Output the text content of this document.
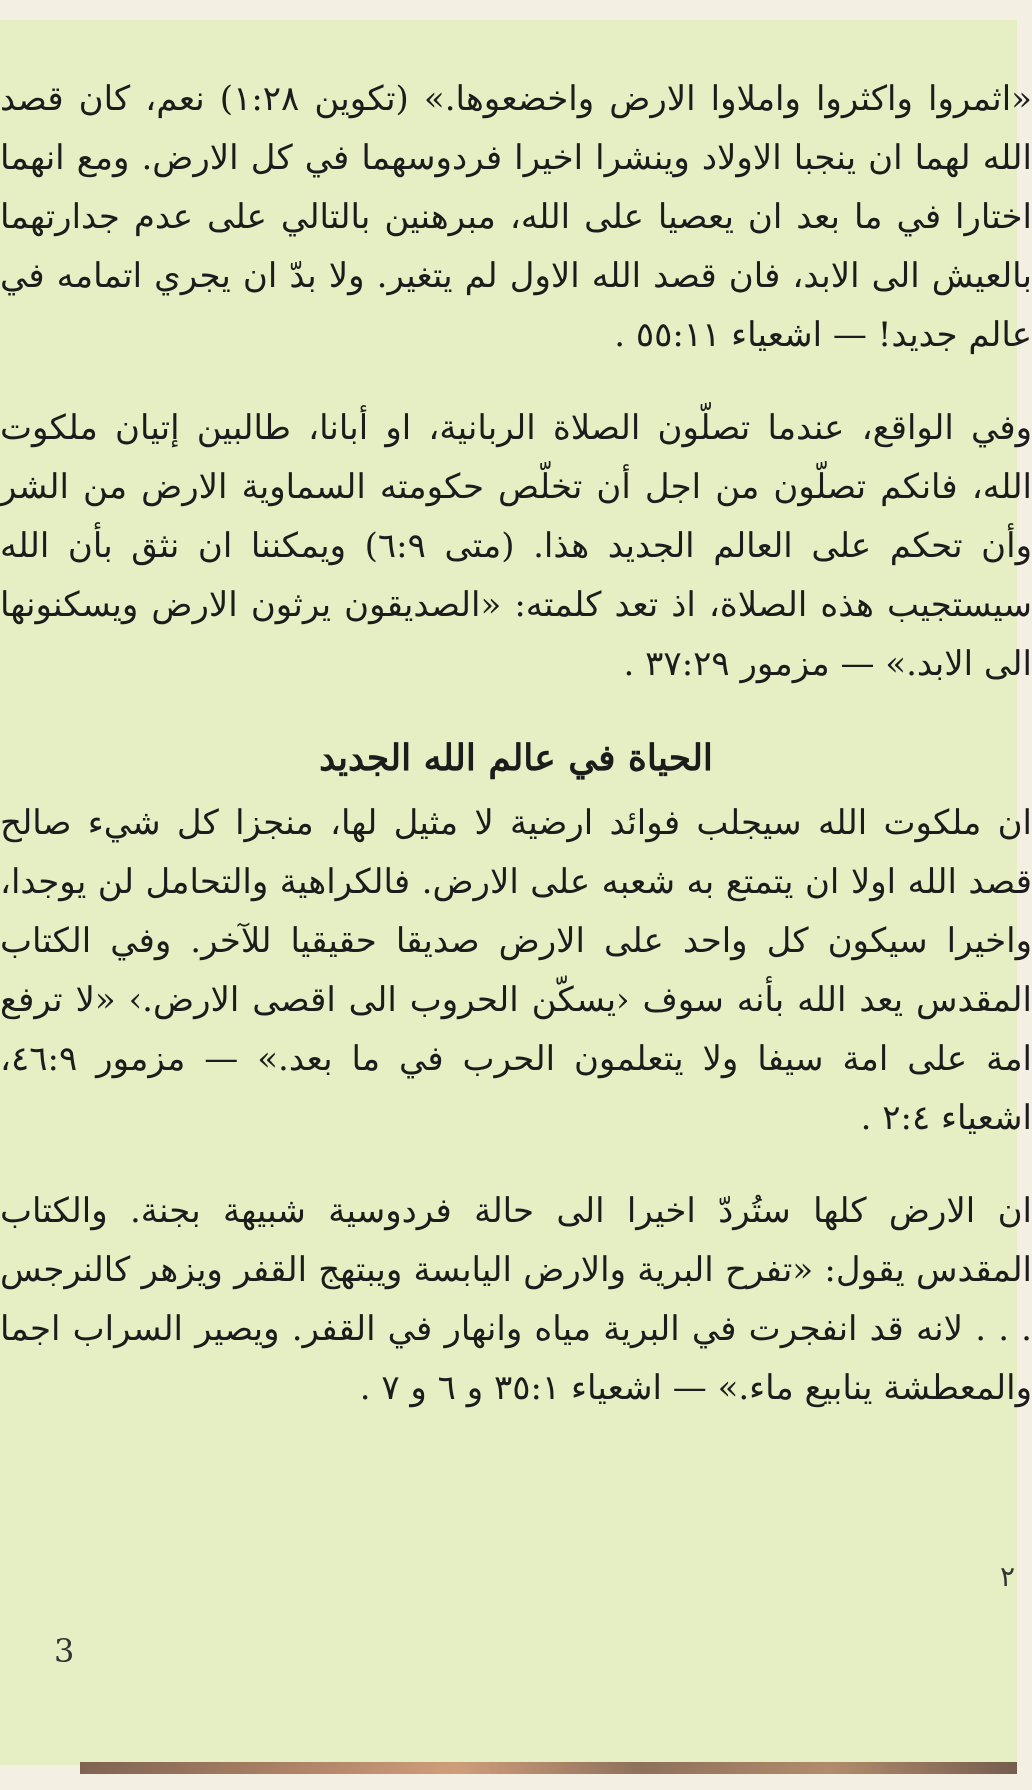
«اثمروا واكثروا واملاوا الارض واخضعوها.» (تكوين ١:٢٨) نعم، كان قصد الله لهما ان ينجبا الاولاد وينشرا اخيرا فردوسهما في كل الارض. ومع انهما اختارا في ما بعد ان يعصيا على الله، مبرهنين بالتالي على عدم جدارتهما بالعيش الى الابد، فان قصد الله الاول لم يتغير. ولا بدّ ان يجري اتمامه في عالم جديد! — اشعياء ٥٥:١١ .

وفي الواقع، عندما تصلّون الصلاة الربانية، او أبانا، طالبين إتيان ملكوت الله، فانكم تصلّون من اجل أن تخلّص حكومته السماوية الارض من الشر وأن تحكم على العالم الجديد هذا. (متى ٦:٩) ويمكننا ان نثق بأن الله سيستجيب هذه الصلاة، اذ تعد كلمته: «الصديقون يرثون الارض ويسكنونها الى الابد.» — مزمور ٣٧:٢٩ .

الحياة في عالم الله الجديد

ان ملكوت الله سيجلب فوائد ارضية لا مثيل لها، منجزا كل شيء صالح قصد الله اولا ان يتمتع به شعبه على الارض. فالكراهية والتحامل لن يوجدا، واخيرا سيكون كل واحد على الارض صديقا حقيقيا للآخر. وفي الكتاب المقدس يعد الله بأنه سوف ‹يسكّن الحروب الى اقصى الارض.› «لا ترفع امة على امة سيفا ولا يتعلمون الحرب في ما بعد.» — مزمور ٤٦:٩، اشعياء ٢:٤ .

ان الارض كلها ستُردّ اخيرا الى حالة فردوسية شبيهة بجنة. والكتاب المقدس يقول: «تفرح البرية والارض اليابسة ويبتهج القفر ويزهر كالنرجس . . . لانه قد انفجرت في البرية مياه وانهار في القفر. ويصير السراب اجما والمعطشة ينابيع ماء.» — اشعياء ٣٥:١ و ٦ و ٧ .

3
٢
